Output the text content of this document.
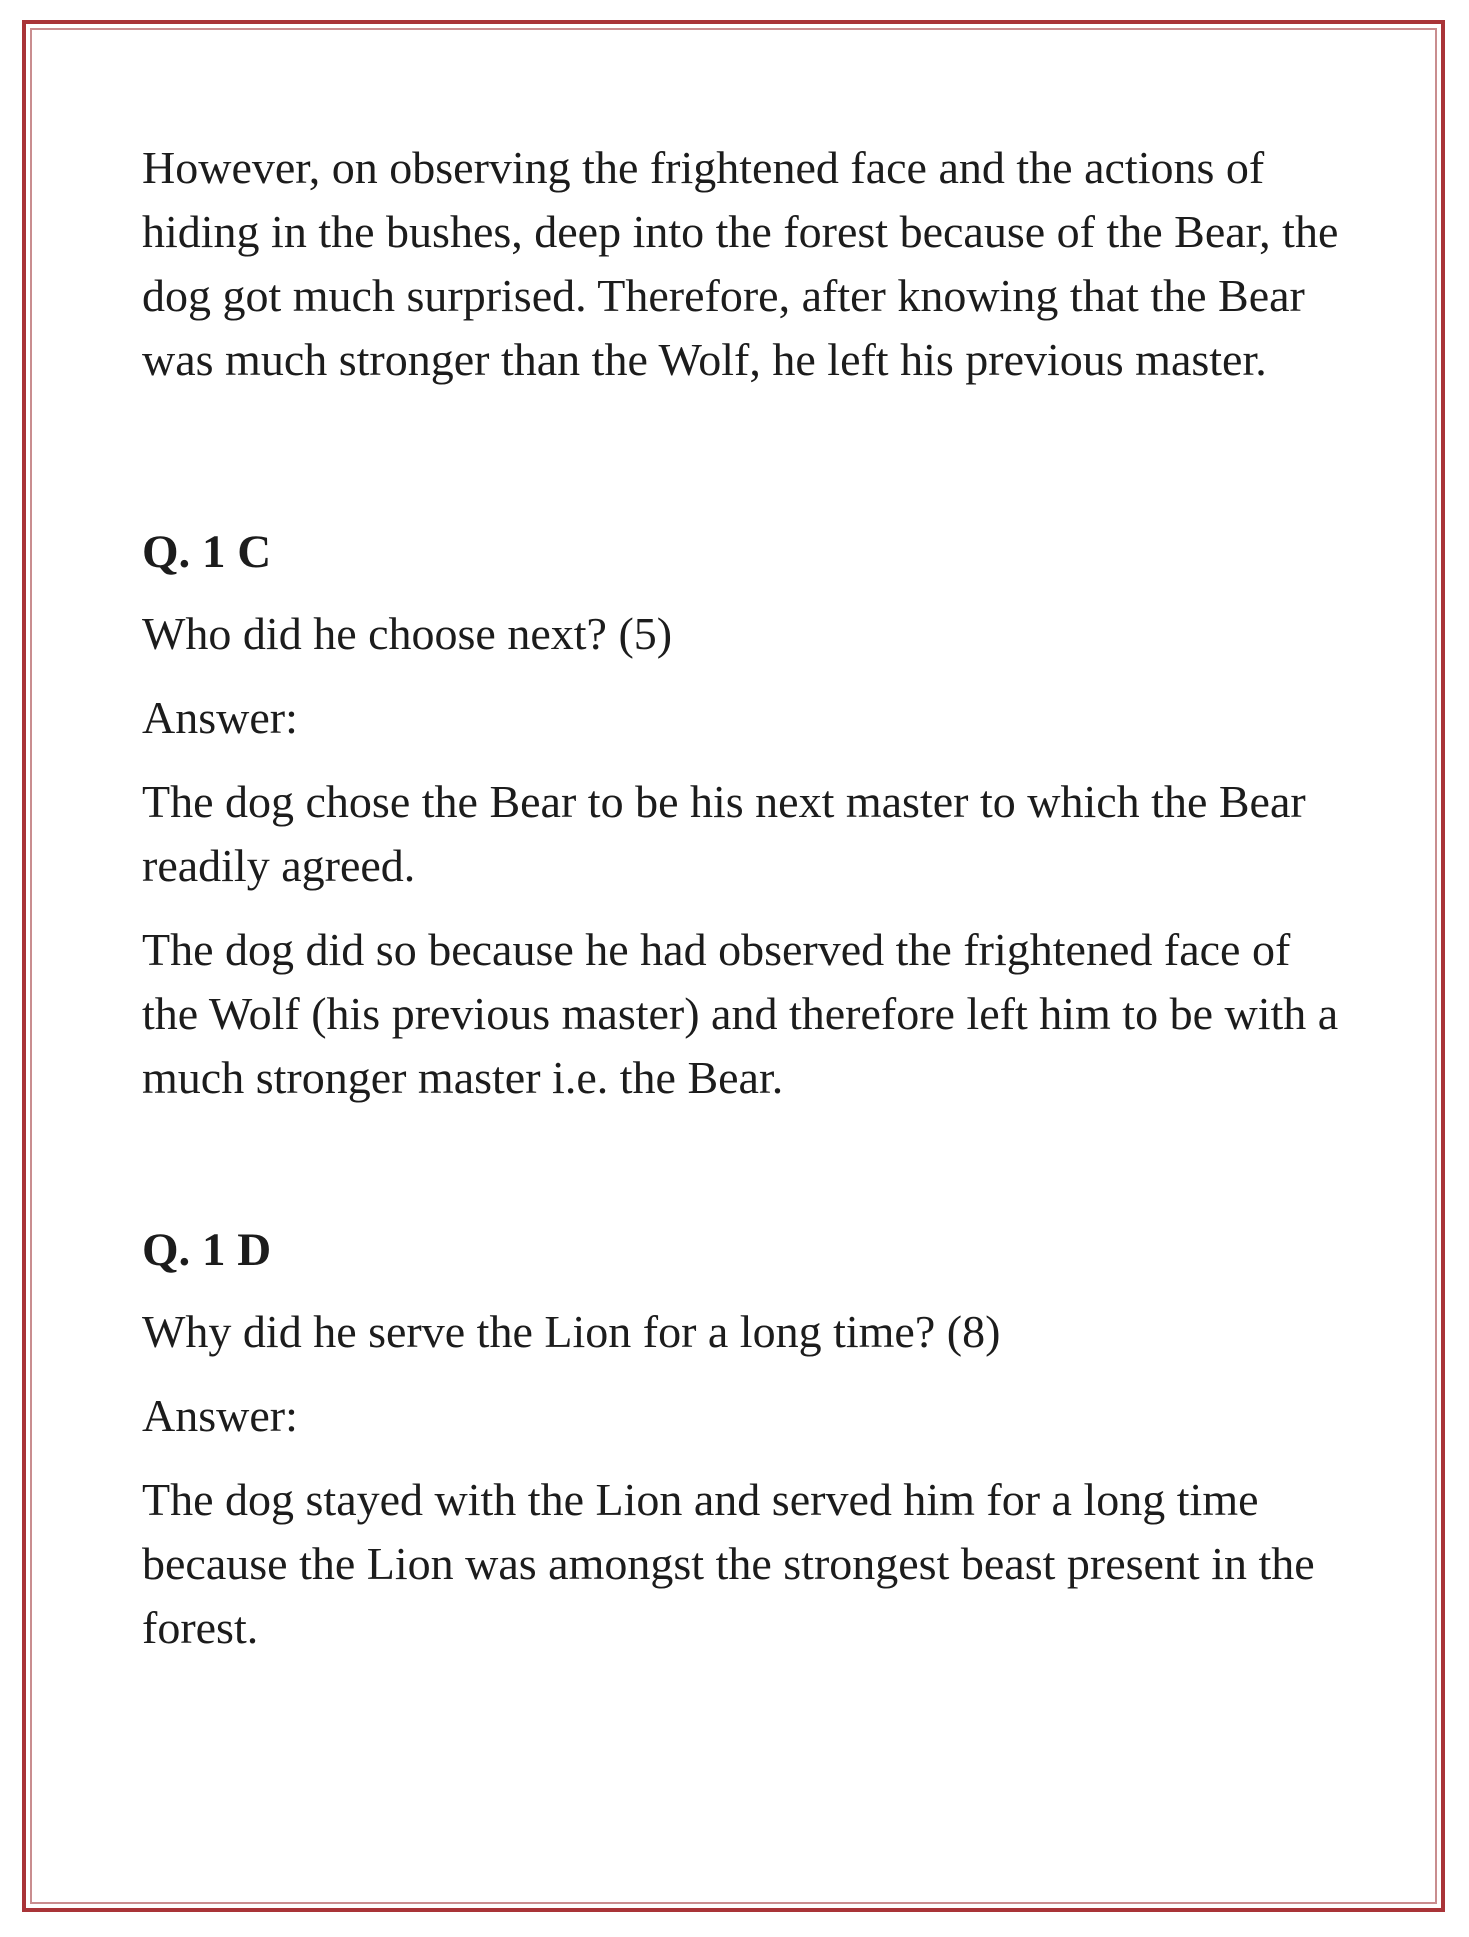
However, on observing the frightened face and the actions of hiding in the bushes, deep into the forest because of the Bear, the dog got much surprised. Therefore, after knowing that the Bear was much stronger than the Wolf, he left his previous master.

Q. 1 C

Who did he choose next? (5)

Answer:

The dog chose the Bear to be his next master to which the Bear readily agreed.

The dog did so because he had observed the frightened face of the Wolf (his previous master) and therefore left him to be with a much stronger master i.e. the Bear.

Q. 1 D

Why did he serve the Lion for a long time? (8)

Answer:

The dog stayed with the Lion and served him for a long time because the Lion was amongst the strongest beast present in the forest.
